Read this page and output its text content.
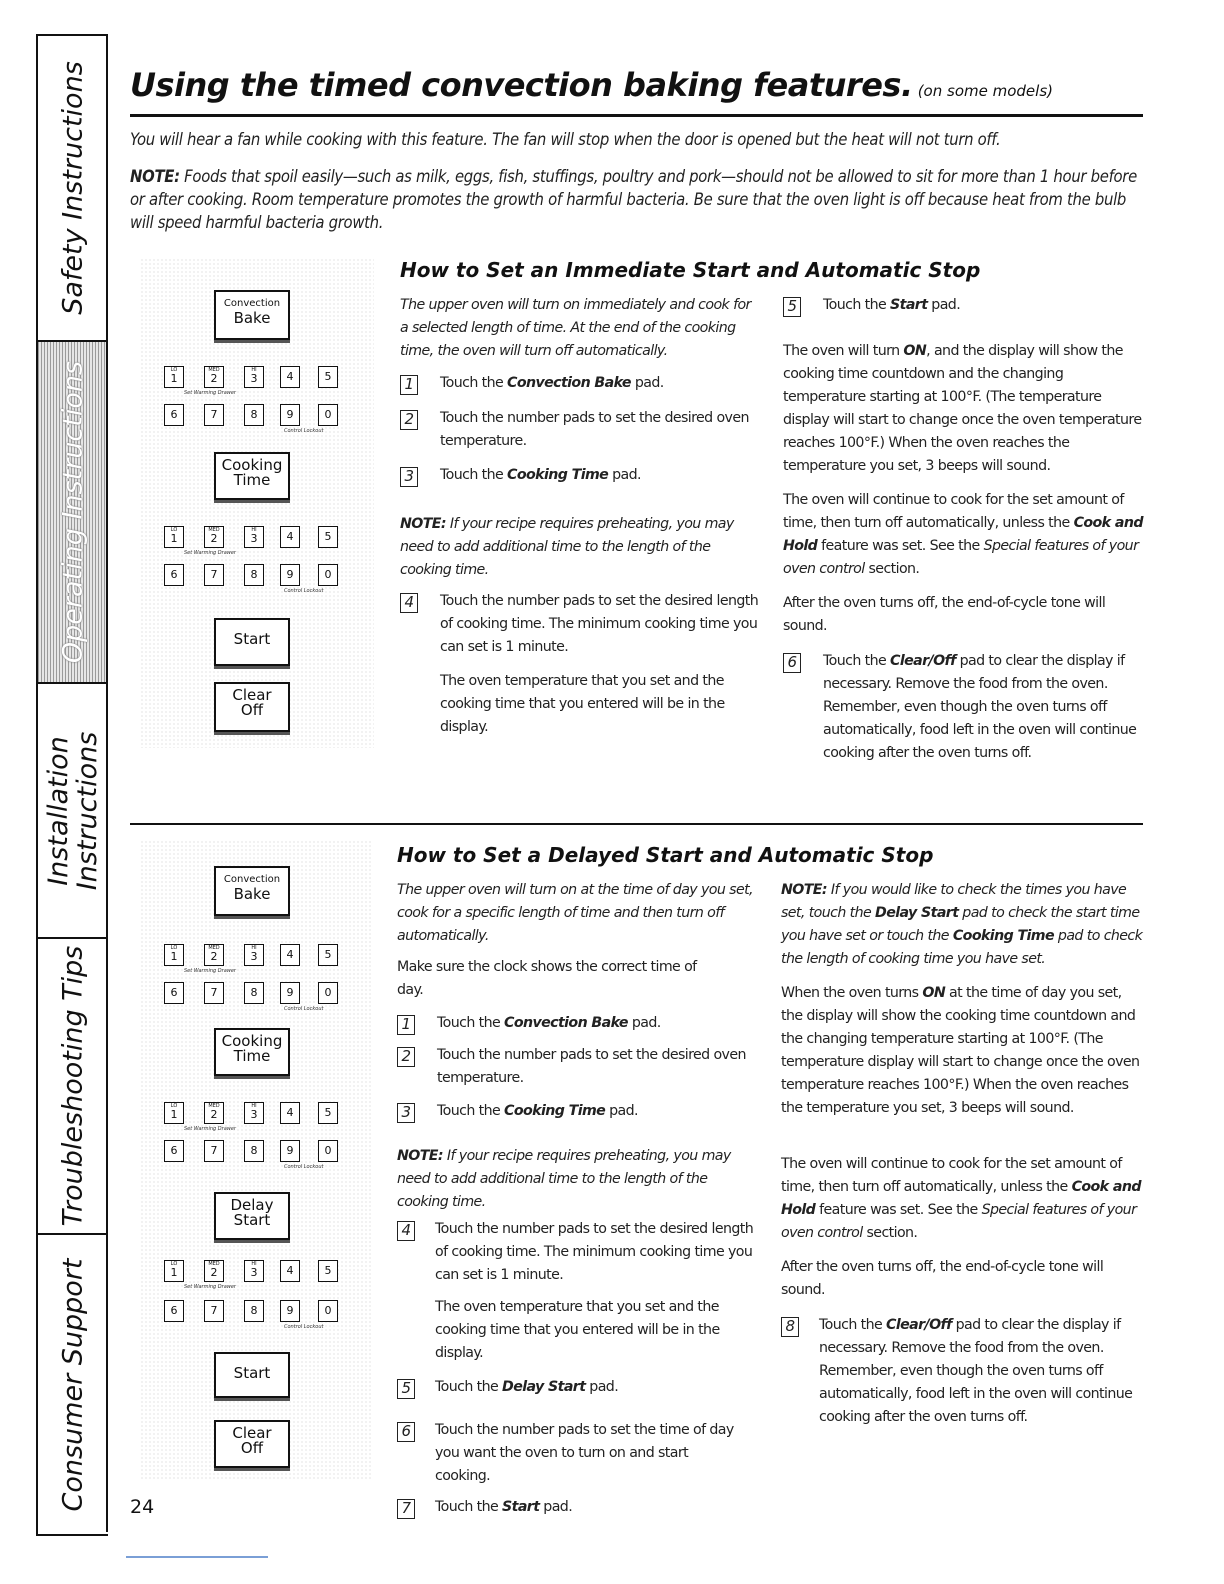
Safety Instructions
Operating Instructions
Installation Instructions
Troubleshooting Tips
Consumer Support
Using the timed convection baking features. (on some models)
You will hear a fan while cooking with this feature. The fan will stop when the door is opened but the heat will not turn off.
NOTE: Foods that spoil easily—such as milk, eggs, fish, stuffings, poultry and pork—should not be allowed to sit for more than 1 hour before or after cooking. Room temperature promotes the growth of harmful bacteria. Be sure that the oven light is off because heat from the bulb will speed harmful bacteria growth.
Convection
Bake
LO
1
MED
2
HI
3	4	5
Set Warming Drawer
6	7	8	9	0
Control Lockout
Cooking
Time
LO
1
MED
2
HI
3	4	5
Set Warming Drawer
6	7	8	9	0
Control Lockout
Start
Clear
Off
How to Set an Immediate Start and Automatic Stop
The upper oven will turn on immediately and cook for a selected length of time. At the end of the cooking time, the oven will turn off automatically.
1	Touch the Convection Bake pad.
2	Touch the number pads to set the desired oven temperature.
3	Touch the Cooking Time pad.
NOTE: If your recipe requires preheating, you may need to add additional time to the length of the cooking time.
4	Touch the number pads to set the desired length of cooking time. The minimum cooking time you can set is 1 minute.
The oven temperature that you set and the cooking time that you entered will be in the display.
5	Touch the Start pad.
The oven will turn ON, and the display will show the cooking time countdown and the changing temperature starting at 100°F. (The temperature display will start to change once the oven temperature reaches 100°F.) When the oven reaches the temperature you set, 3 beeps will sound.
The oven will continue to cook for the set amount of time, then turn off automatically, unless the Cook and Hold feature was set. See the Special features of your oven control section.
After the oven turns off, the end-of-cycle tone will sound.
6	Touch the Clear/Off pad to clear the display if necessary. Remove the food from the oven. Remember, even though the oven turns off automatically, food left in the oven will continue cooking after the oven turns off.
Convection
Bake
LO
1
MED
2
HI
3	4	5
Set Warming Drawer
6	7	8	9	0
Control Lockout
Cooking
Time
LO
1
MED
2
HI
3	4	5
Set Warming Drawer
6	7	8	9	0
Control Lockout
Delay
Start
LO
1
MED
2
HI
3	4	5
Set Warming Drawer
6	7	8	9	0
Control Lockout
Start
Clear
Off
How to Set a Delayed Start and Automatic Stop
The upper oven will turn on at the time of day you set, cook for a specific length of time and then turn off automatically.
Make sure the clock shows the correct time of day.
1	Touch the Convection Bake pad.
2	Touch the number pads to set the desired oven temperature.
3	Touch the Cooking Time pad.
NOTE: If your recipe requires preheating, you may need to add additional time to the length of the cooking time.
4	Touch the number pads to set the desired length of cooking time. The minimum cooking time you can set is 1 minute.
The oven temperature that you set and the cooking time that you entered will be in the display.
5	Touch the Delay Start pad.
6	Touch the number pads to set the time of day you want the oven to turn on and start cooking.
7	Touch the Start pad.
NOTE: If you would like to check the times you have set, touch the Delay Start pad to check the start time you have set or touch the Cooking Time pad to check the length of cooking time you have set.
When the oven turns ON at the time of day you set, the display will show the cooking time countdown and the changing temperature starting at 100°F. (The temperature display will start to change once the oven temperature reaches 100°F.) When the oven reaches the temperature you set, 3 beeps will sound.
The oven will continue to cook for the set amount of time, then turn off automatically, unless the Cook and Hold feature was set. See the Special features of your oven control section.
After the oven turns off, the end-of-cycle tone will sound.
8	Touch the Clear/Off pad to clear the display if necessary. Remove the food from the oven. Remember, even though the oven turns off automatically, food left in the oven will continue cooking after the oven turns off.
24
